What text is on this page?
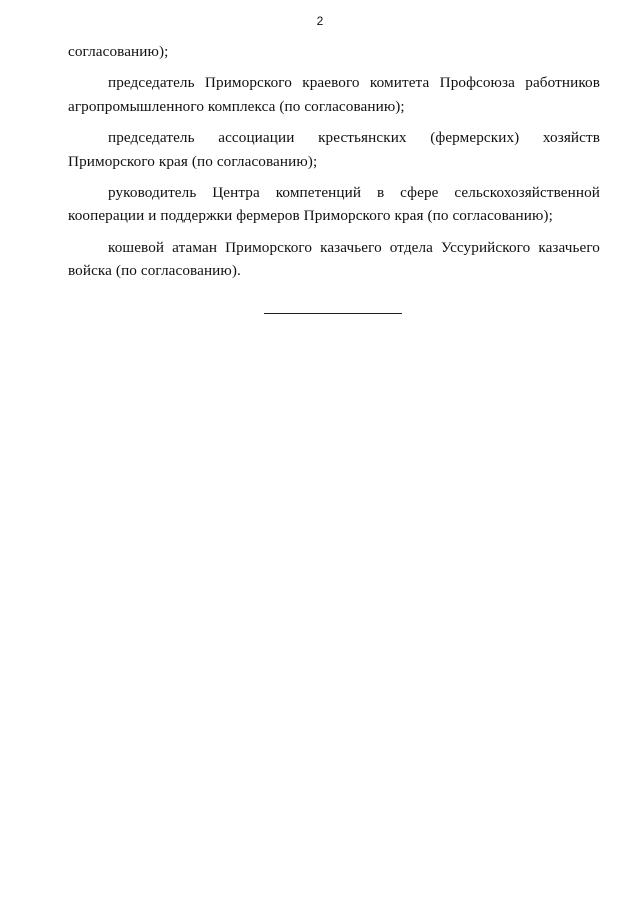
2

согласованию);

председатель Приморского краевого комитета Профсоюза работников агропромышленного комплекса (по согласованию);

председатель ассоциации крестьянских (фермерских) хозяйств Приморского края (по согласованию);

руководитель Центра компетенций в сфере сельскохозяйственной кооперации и поддержки фермеров Приморского края (по согласованию);

кошевой атаман Приморского казачьего отдела Уссурийского казачьего войска (по согласованию).
